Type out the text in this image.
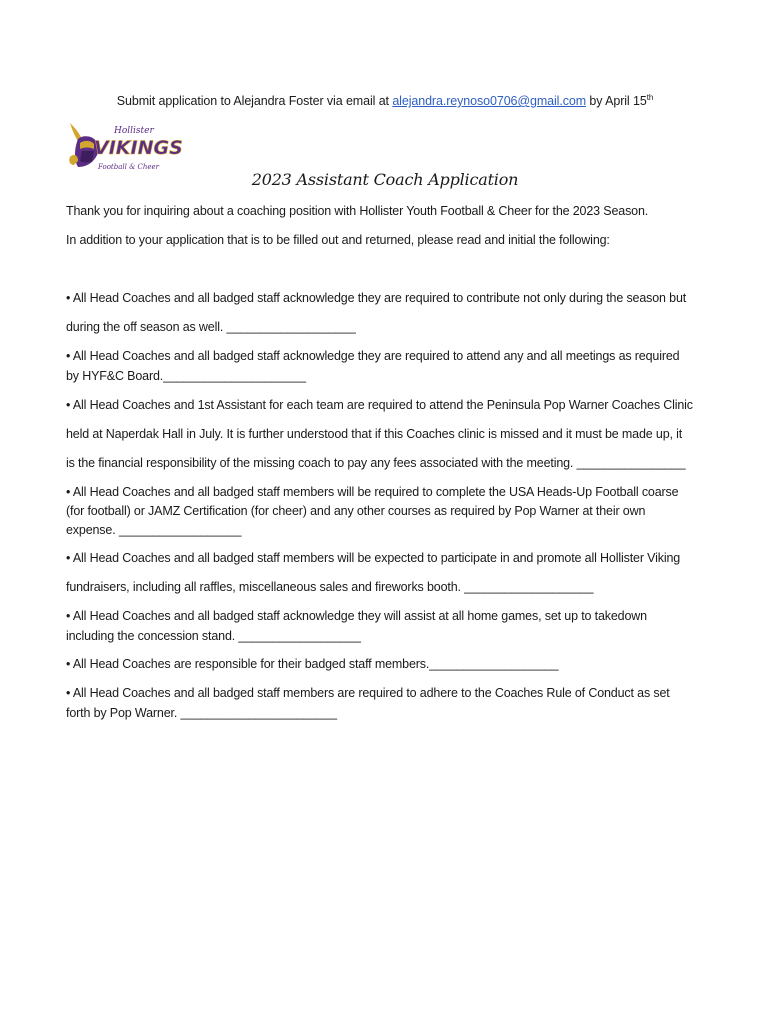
Submit application to Alejandra Foster via email at alejandra.reynoso0706@gmail.com by April 15th
Hollister
VIKINGS
Football & Cheer
2023 Assistant Coach Application
Thank you for inquiring about a coaching position with Hollister Youth Football & Cheer for the 2023 Season.
In addition to your application that is to be filled out and returned, please read and initial the following:
• All Head Coaches and all badged staff acknowledge they are required to contribute not only during the season but
during the off season as well. ___________________
• All Head Coaches and all badged staff acknowledge they are required to attend any and all meetings as required
by HYF&C Board._____________________
• All Head Coaches and 1st Assistant for each team are required to attend the Peninsula Pop Warner Coaches Clinic
held at Naperdak Hall in July. It is further understood that if this Coaches clinic is missed and it must be made up, it
is the financial responsibility of the missing coach to pay any fees associated with the meeting. ________________
• All Head Coaches and all badged staff members will be required to complete the USA Heads-Up Football coarse
(for football) or JAMZ Certification (for cheer) and any other courses as required by Pop Warner at their own
expense. __________________
• All Head Coaches and all badged staff members will be expected to participate in and promote all Hollister Viking
fundraisers, including all raffles, miscellaneous sales and fireworks booth. ___________________
• All Head Coaches and all badged staff acknowledge they will assist at all home games, set up to takedown
including the concession stand. __________________
• All Head Coaches are responsible for their badged staff members.___________________
• All Head Coaches and all badged staff members are required to adhere to the Coaches Rule of Conduct as set
forth by Pop Warner. _______________________
